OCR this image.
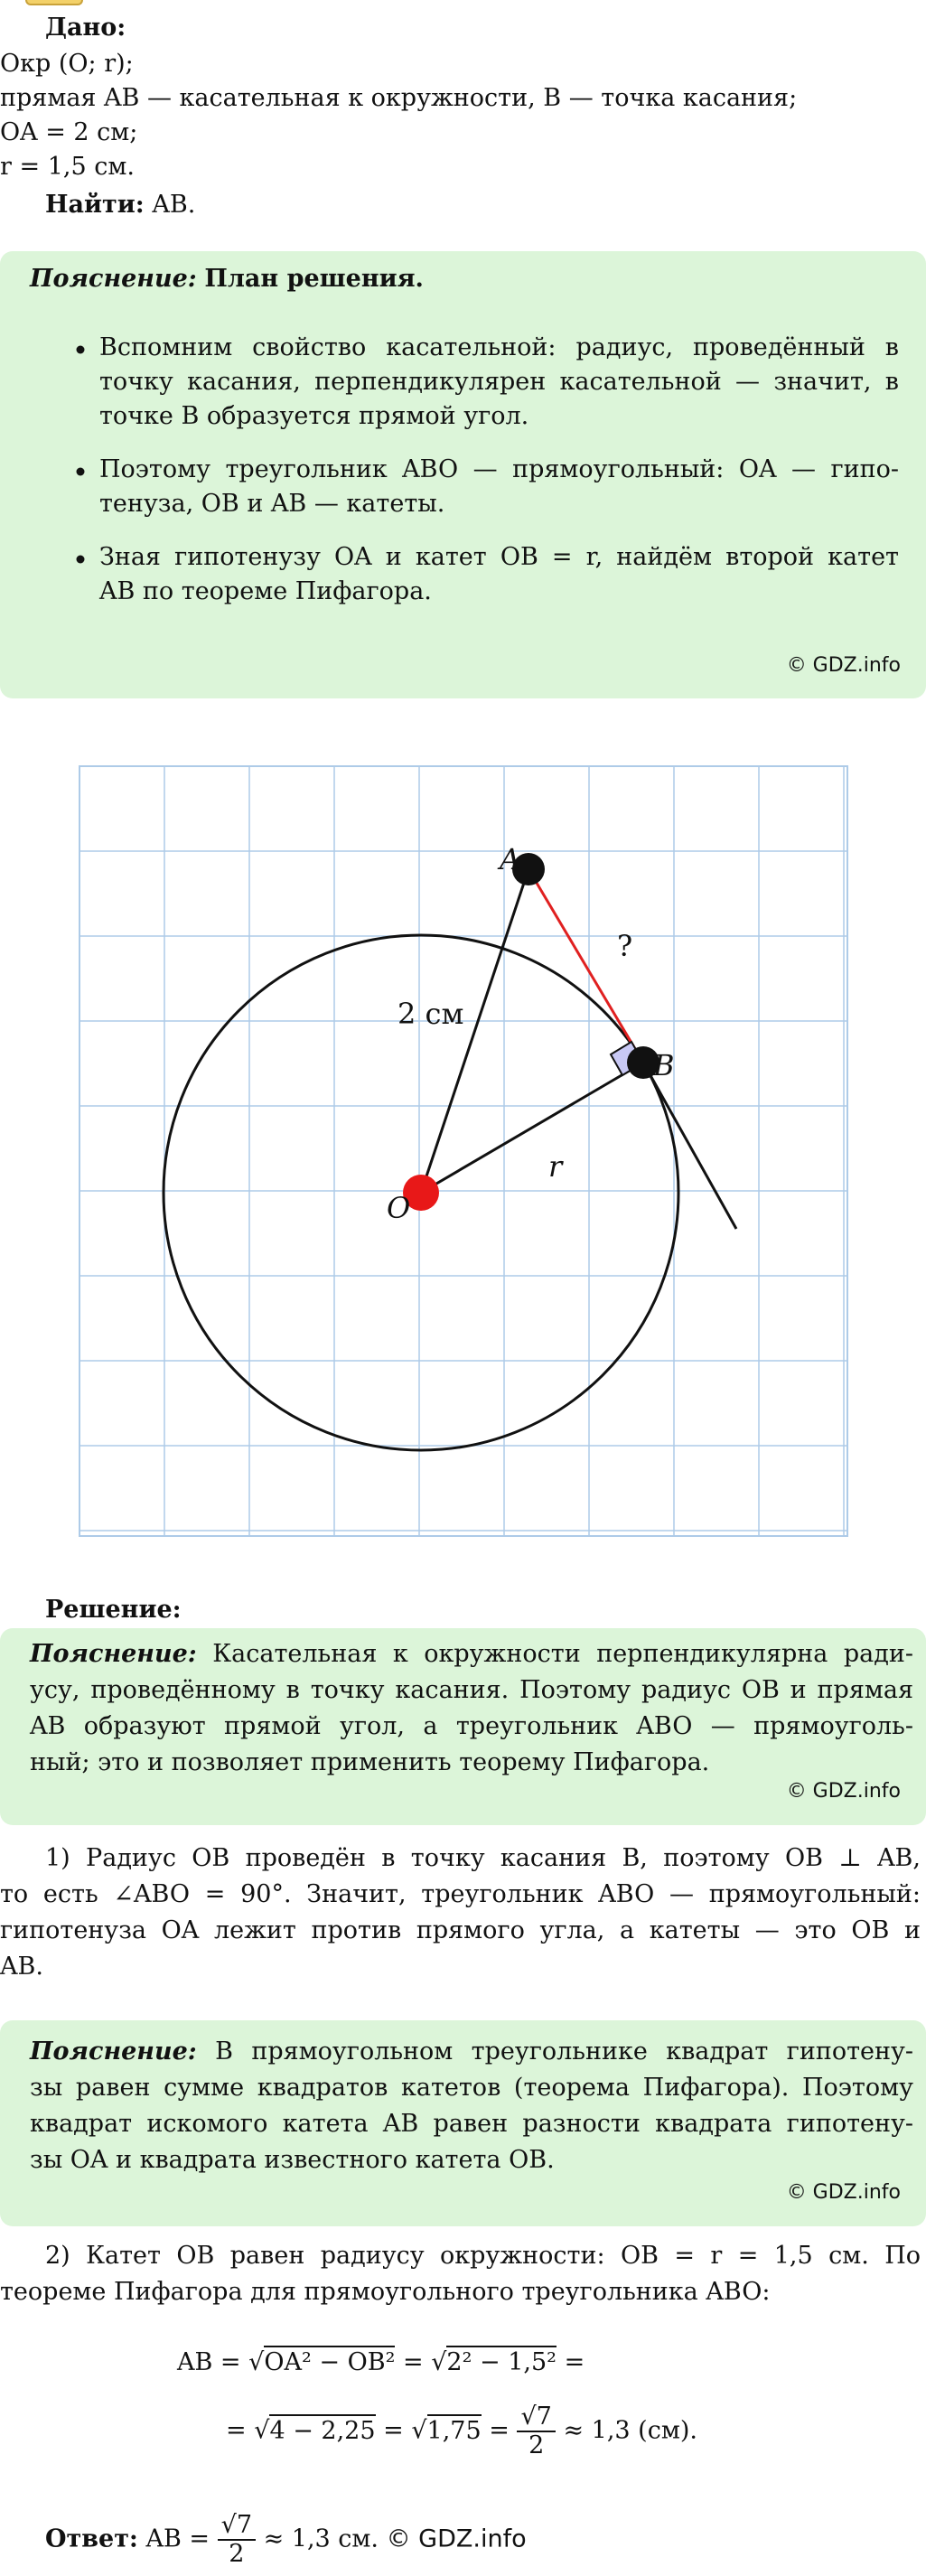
Дано:
Окр (O; r);
прямая AB — касательная к окружности, B — точка касания;
OA = 2 см;
r = 1,5 см.
Найти: AB.
Пояснение: План решения.
Вспомним свойство касательной: радиус, проведённый в
точку касания, перпендикулярен касательной — значит, в
точке B образуется прямой угол.
Поэтому треугольник ABO — прямоугольный: OA — гипо-
тенуза, OB и AB — катеты.
Зная гипотенузу OA и катет OB = r, найдём второй катет
AB по теореме Пифагора.
© GDZ.info
A
B
O
2 см
r
?
Решение:
Пояснение: Касательная к окружности перпендикулярна ради-
усу, проведённому в точку касания. Поэтому радиус OB и прямая
AB образуют прямой угол, а треугольник ABO — прямоуголь-
ный; это и позволяет применить теорему Пифагора.
© GDZ.info
1) Радиус OB проведён в точку касания B, поэтому OB ⊥ AB,
то есть ∠ABO = 90°. Значит, треугольник ABO — прямоугольный:
гипотенуза OA лежит против прямого угла, а катеты — это OB и
AB.
Пояснение: В прямоугольном треугольнике квадрат гипотену-
зы равен сумме квадратов катетов (теорема Пифагора). Поэтому
квадрат искомого катета AB равен разности квадрата гипотену-
зы OA и квадрата известного катета OB.
© GDZ.info
2) Катет OB равен радиусу окружности: OB = r = 1,5 см. По
теореме Пифагора для прямоугольного треугольника ABO:
AB = √OA² − OB² = √2² − 1,5² =
= $√4 - 2,25 = √1,75 = \frac{√7}{2} \approx 1,3$ (см).
Ответ: AB = $\frac{√7}{2} \approx 1,3$ см. © GDZ.info
